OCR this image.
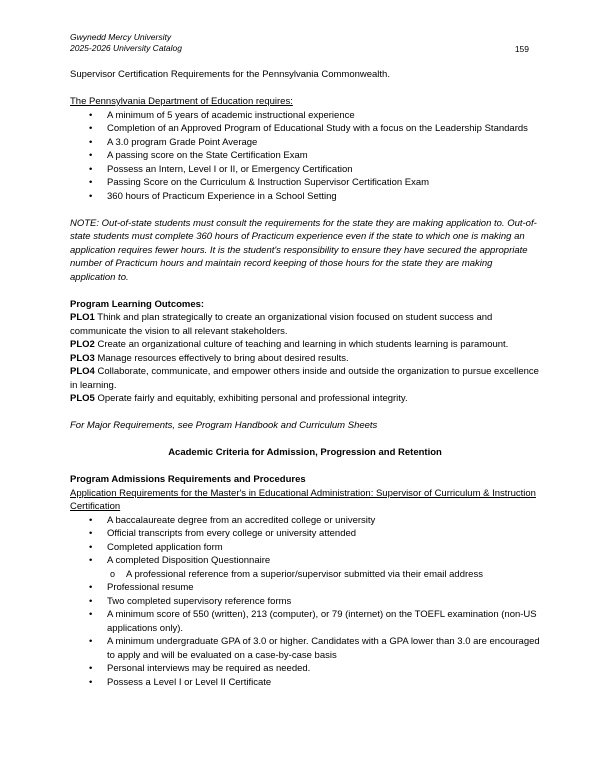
Gwynedd Mercy University
2025-2026 University Catalog	159

Supervisor Certification Requirements for the Pennsylvania Commonwealth.

The Pennsylvania Department of Education requires:

• A minimum of 5 years of academic instructional experience
• Completion of an Approved Program of Educational Study with a focus on the Leadership Standards
• A 3.0 program Grade Point Average
• A passing score on the State Certification Exam
• Possess an Intern, Level I or II, or Emergency Certification
• Passing Score on the Curriculum & Instruction Supervisor Certification Exam
• 360 hours of Practicum Experience in a School Setting

NOTE: Out-of-state students must consult the requirements for the state they are making application to. Out-of-state students must complete 360 hours of Practicum experience even if the state to which one is making an application requires fewer hours. It is the student's responsibility to ensure they have secured the appropriate number of Practicum hours and maintain record keeping of those hours for the state they are making application to.

Program Learning Outcomes:

PLO1 Think and plan strategically to create an organizational vision focused on student success and communicate the vision to all relevant stakeholders.

PLO2 Create an organizational culture of teaching and learning in which students learning is paramount.

PLO3 Manage resources effectively to bring about desired results.

PLO4 Collaborate, communicate, and empower others inside and outside the organization to pursue excellence in learning.

PLO5 Operate fairly and equitably, exhibiting personal and professional integrity.

For Major Requirements, see Program Handbook and Curriculum Sheets

Academic Criteria for Admission, Progression and Retention

Program Admissions Requirements and Procedures

Application Requirements for the Master's in Educational Administration: Supervisor of Curriculum & Instruction Certification

• A baccalaureate degree from an accredited college or university
• Official transcripts from every college or university attended
• Completed application form
• A completed Disposition Questionnaire
o A professional reference from a superior/supervisor submitted via their email address
• Professional resume
• Two completed supervisory reference forms
• A minimum score of 550 (written), 213 (computer), or 79 (internet) on the TOEFL examination (non-US applications only).
• A minimum undergraduate GPA of 3.0 or higher. Candidates with a GPA lower than 3.0 are encouraged to apply and will be evaluated on a case-by-case basis
• Personal interviews may be required as needed.
• Possess a Level I or Level II Certificate
